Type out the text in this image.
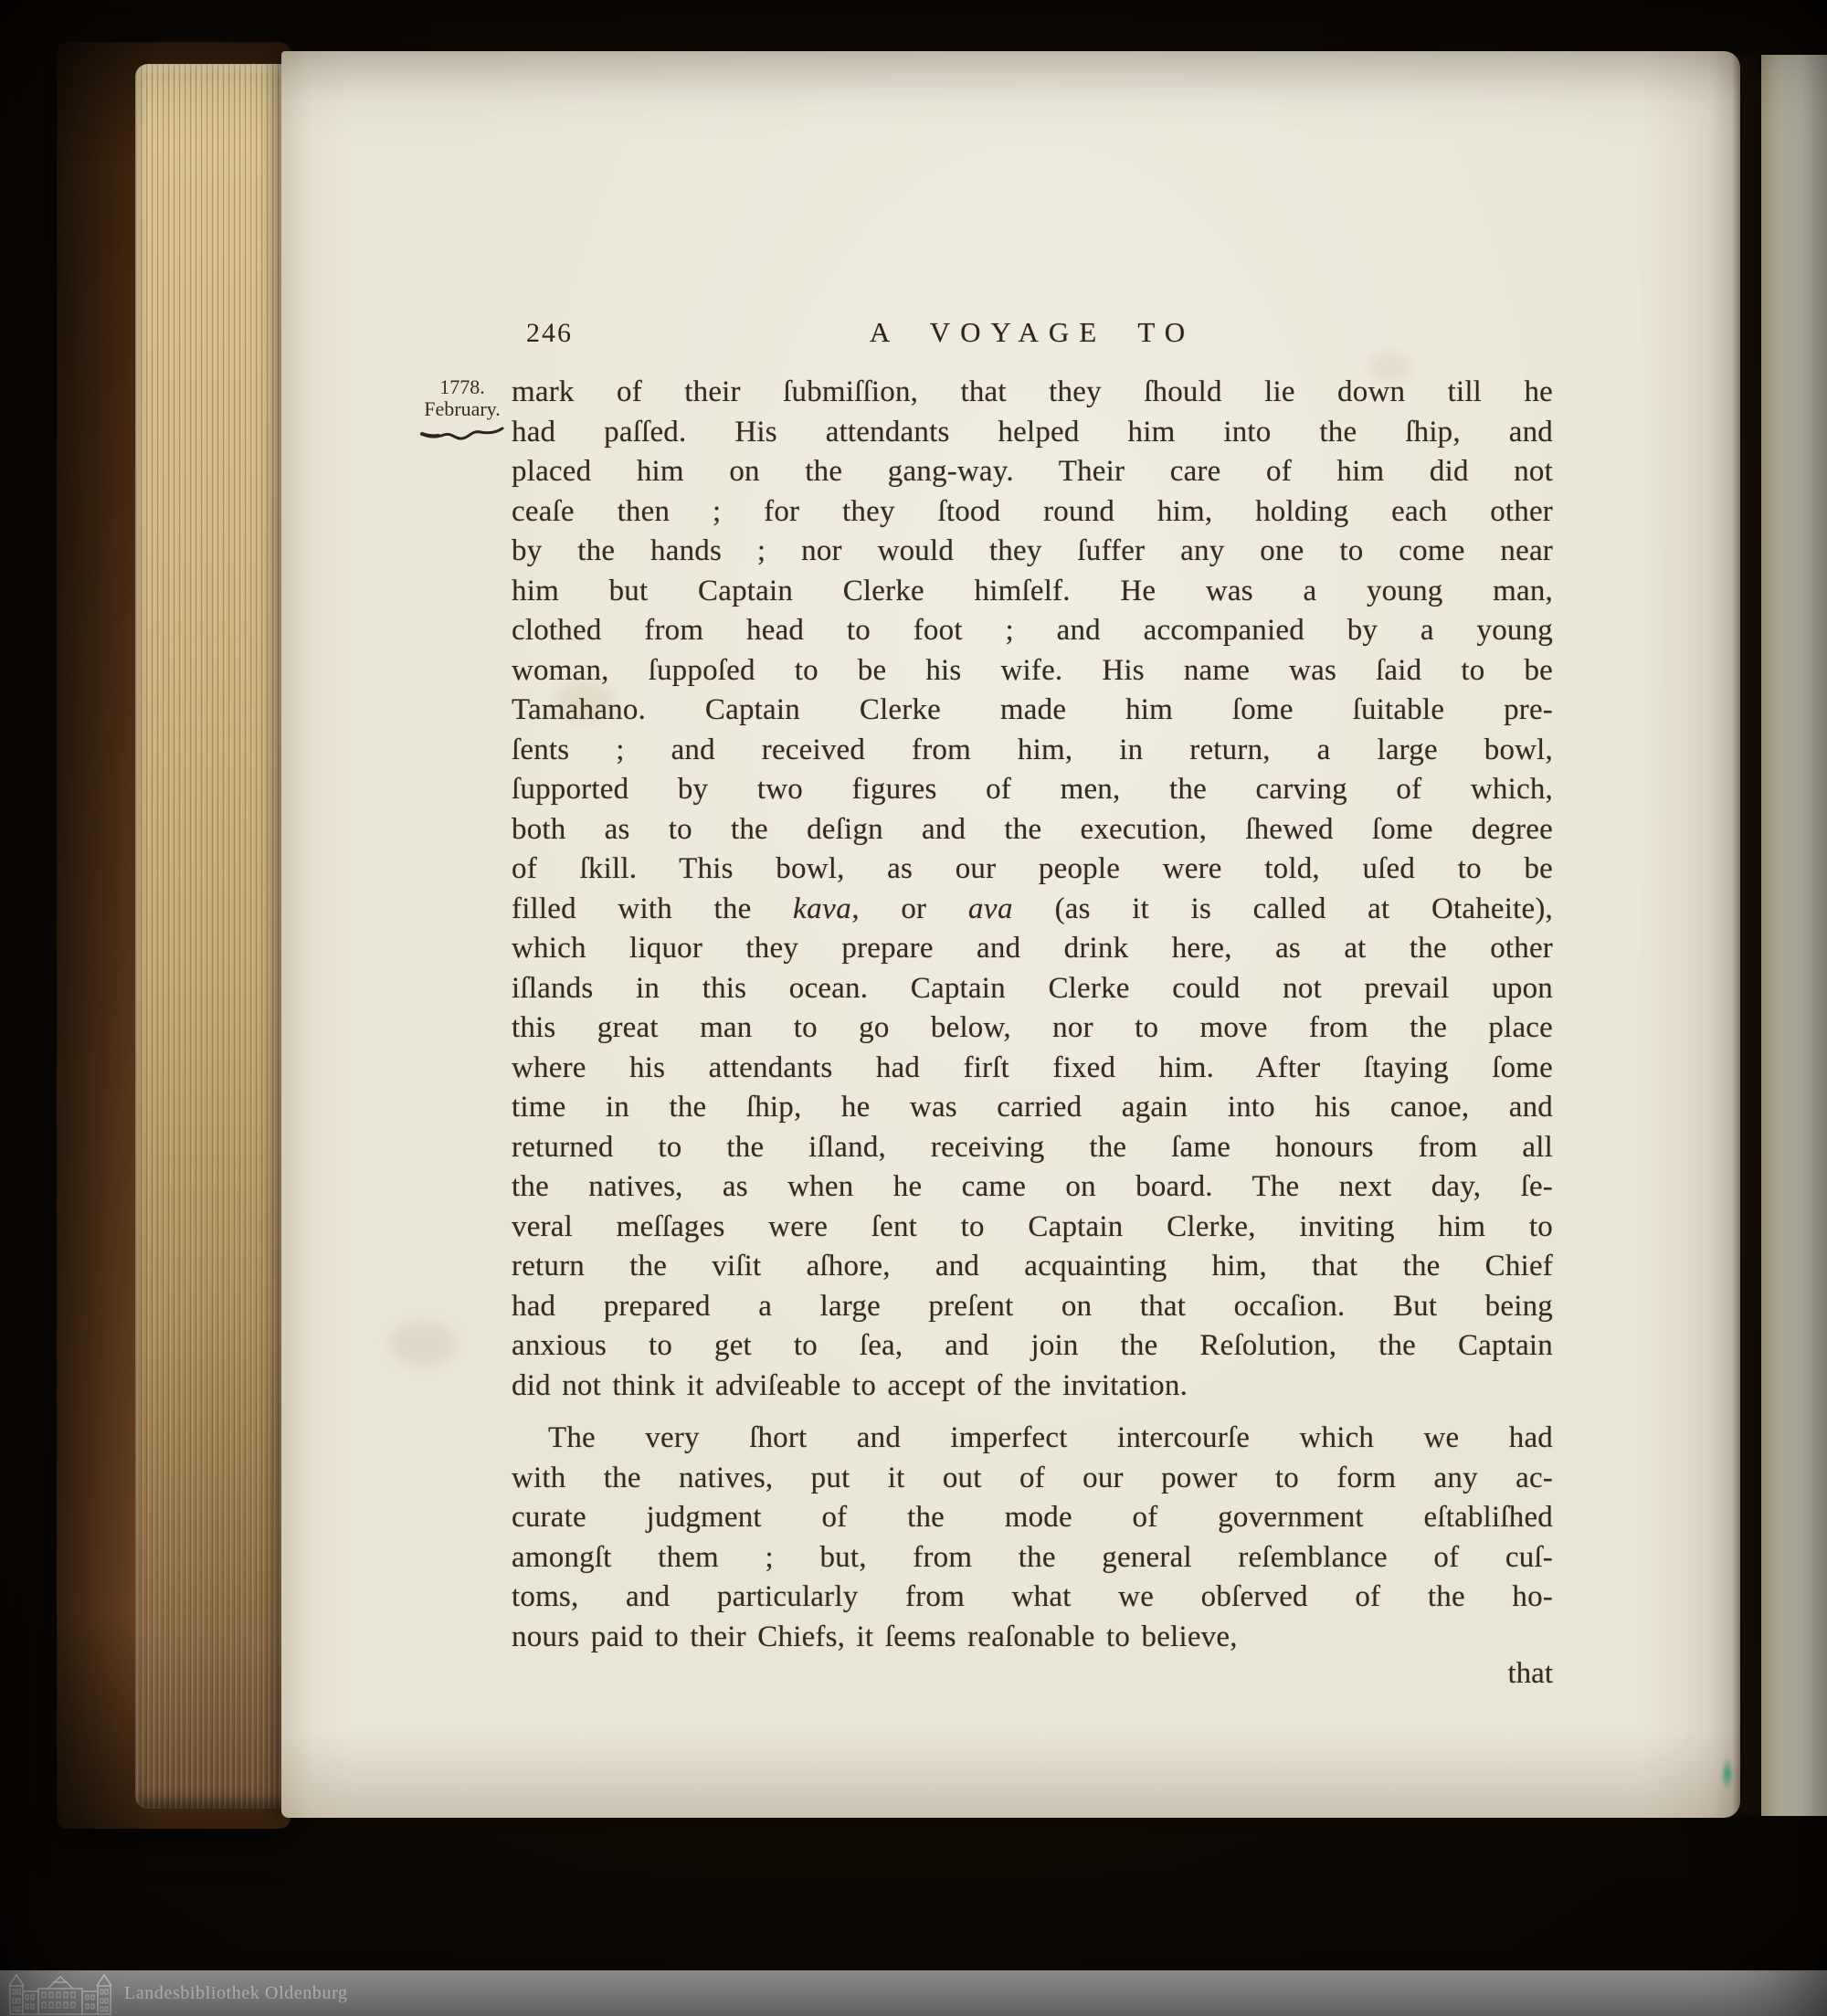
246	A VOYAGE TO
1778.
February.
mark of their ſubmiſſion, that they ſhould lie down till he
had paſſed. His attendants helped him into the ſhip, and
placed him on the gang-way. Their care of him did not
ceaſe then ; for they ſtood round him, holding each other
by the hands ; nor would they ſuffer any one to come near
him but Captain Clerke himſelf. He was a young man,
clothed from head to foot ; and accompanied by a young
woman, ſuppoſed to be his wife. His name was ſaid to be
Tamahano. Captain Clerke made him ſome ſuitable pre-
ſents ; and received from him, in return, a large bowl,
ſupported by two figures of men, the carving of which,
both as to the deſign and the execution, ſhewed ſome degree
of ſkill. This bowl, as our people were told, uſed to be
filled with the kava, or ava (as it is called at Otaheite),
which liquor they prepare and drink here, as at the other
iſlands in this ocean. Captain Clerke could not prevail upon
this great man to go below, nor to move from the place
where his attendants had firſt fixed him. After ſtaying ſome
time in the ſhip, he was carried again into his canoe, and
returned to the iſland, receiving the ſame honours from all
the natives, as when he came on board. The next day, ſe-
veral meſſages were ſent to Captain Clerke, inviting him to
return the viſit aſhore, and acquainting him, that the Chief
had prepared a large preſent on that occaſion. But being
anxious to get to ſea, and join the Reſolution, the Captain
did not think it adviſeable to accept of the invitation.
The very ſhort and imperfect intercourſe which we had
with the natives, put it out of our power to form any ac-
curate judgment of the mode of government eſtabliſhed
amongſt them ; but, from the general reſemblance of cuſ-
toms, and particularly from what we obſerved of the ho-
nours paid to their Chiefs, it ſeems reaſonable to believe,
that
Landesbibliothek Oldenburg
